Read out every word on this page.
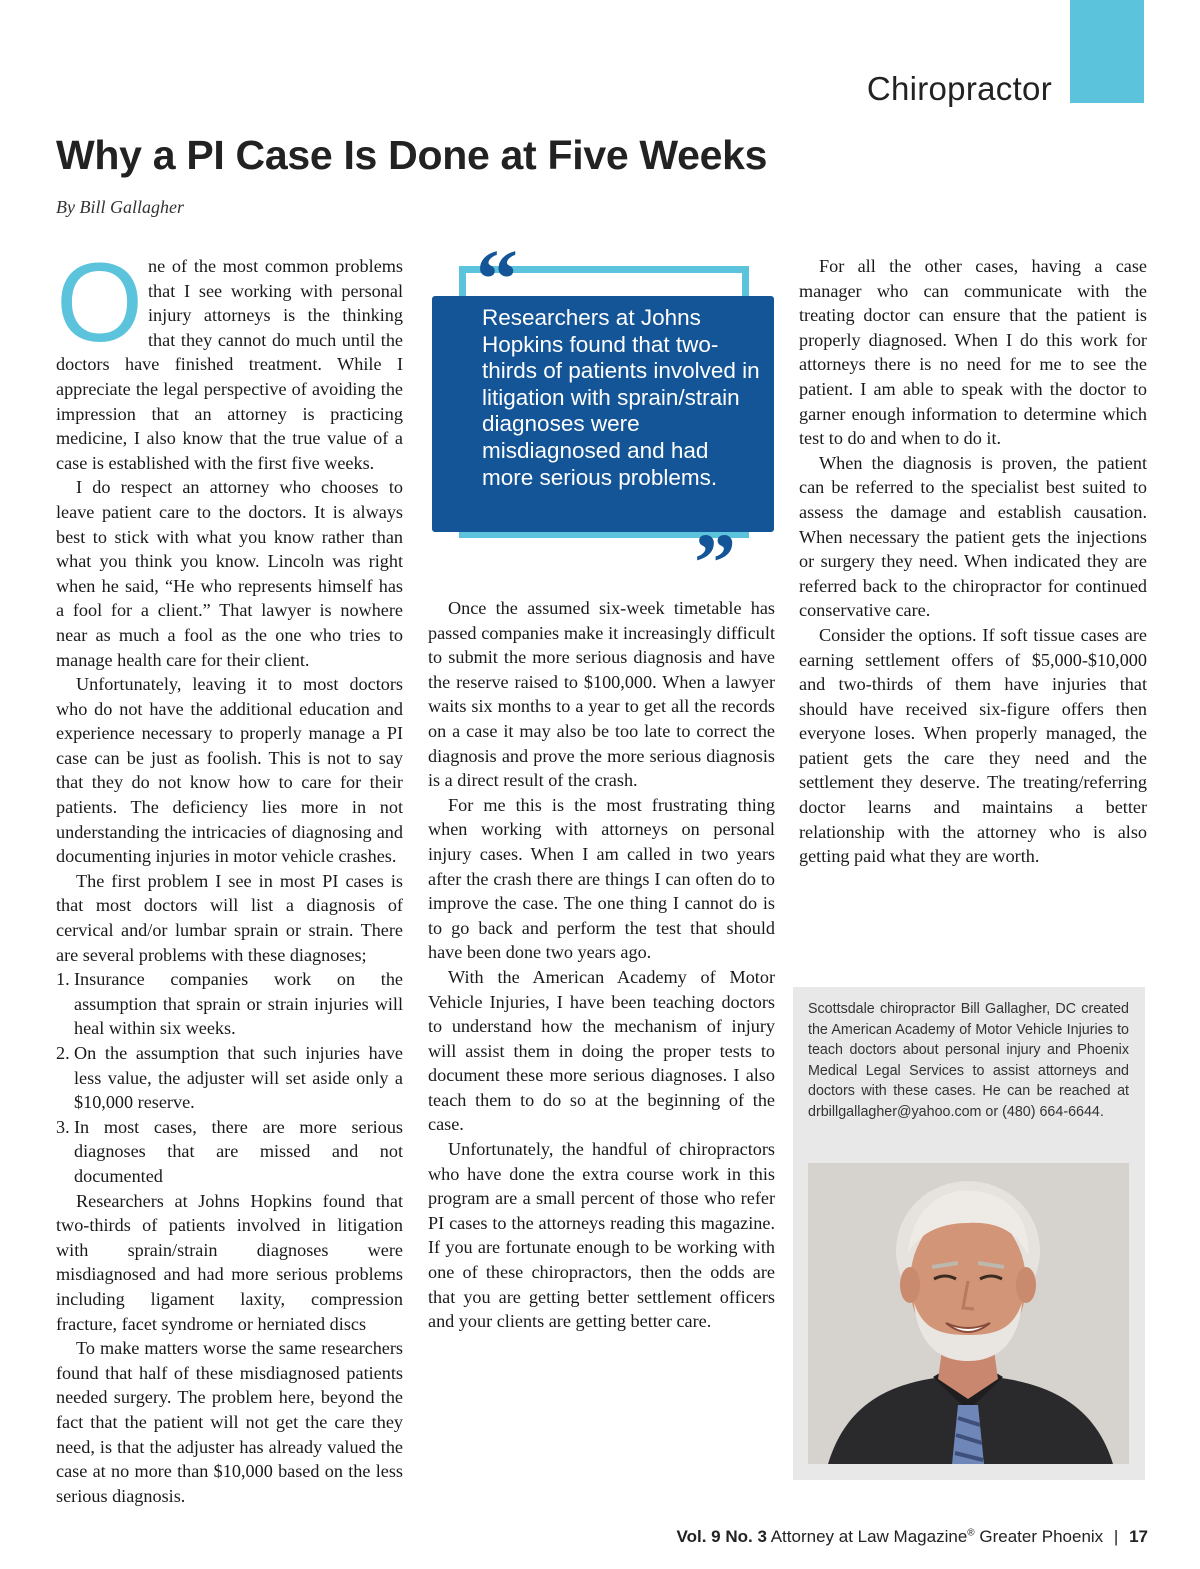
Chiropractor
Why a PI Case Is Done at Five Weeks
By Bill Gallagher

One of the most common problems that I see working with personal injury attorneys is the thinking that they cannot do much until the doctors have finished treatment. While I appreciate the legal perspective of avoiding the impression that an attorney is practicing medicine, I also know that the true value of a case is established with the first five weeks.

I do respect an attorney who chooses to leave patient care to the doctors. It is always best to stick with what you know rather than what you think you know. Lincoln was right when he said, “He who represents himself has a fool for a client.” That lawyer is nowhere near as much a fool as the one who tries to manage health care for their client.

Unfortunately, leaving it to most doctors who do not have the additional education and experience necessary to properly manage a PI case can be just as foolish. This is not to say that they do not know how to care for their patients. The deficiency lies more in not understanding the intricacies of diagnosing and documenting injuries in motor vehicle crashes.

The first problem I see in most PI cases is that most doctors will list a diagnosis of cervical and/or lumbar sprain or strain. There are several problems with these diagnoses;

1. Insurance companies work on the assumption that sprain or strain injuries will heal within six weeks.
2. On the assumption that such injuries have less value, the adjuster will set aside only a $10,000 reserve.
3. In most cases, there are more serious diagnoses that are missed and not documented

Researchers at Johns Hopkins found that two-thirds of patients involved in litigation with sprain/strain diagnoses were misdiagnosed and had more serious problems including ligament laxity, compression fracture, facet syndrome or herniated discs

To make matters worse the same researchers found that half of these misdiagnosed patients needed surgery. The problem here, beyond the fact that the patient will not get the care they need, is that the adjuster has already valued the case at no more than $10,000 based on the less serious diagnosis.

“
Researchers at Johns Hopkins found that two-thirds of patients involved in litigation with sprain/strain diagnoses were misdiagnosed and had more serious problems.
”

Once the assumed six-week timetable has passed companies make it increasingly difficult to submit the more serious diagnosis and have the reserve raised to $100,000. When a lawyer waits six months to a year to get all the records on a case it may also be too late to correct the diagnosis and prove the more serious diagnosis is a direct result of the crash.

For me this is the most frustrating thing when working with attorneys on personal injury cases. When I am called in two years after the crash there are things I can often do to improve the case. The one thing I cannot do is to go back and perform the test that should have been done two years ago.

With the American Academy of Motor Vehicle Injuries, I have been teaching doctors to understand how the mechanism of injury will assist them in doing the proper tests to document these more serious diagnoses. I also teach them to do so at the beginning of the case.

Unfortunately, the handful of chiropractors who have done the extra course work in this program are a small percent of those who refer PI cases to the attorneys reading this magazine. If you are fortunate enough to be working with one of these chiropractors, then the odds are that you are getting better settlement officers and your clients are getting better care.

For all the other cases, having a case manager who can communicate with the treating doctor can ensure that the patient is properly diagnosed. When I do this work for attorneys there is no need for me to see the patient. I am able to speak with the doctor to garner enough information to determine which test to do and when to do it.

When the diagnosis is proven, the patient can be referred to the specialist best suited to assess the damage and establish causation. When necessary the patient gets the injections or surgery they need. When indicated they are referred back to the chiropractor for continued conservative care.

Consider the options. If soft tissue cases are earning settlement offers of $5,000-$10,000 and two-thirds of them have injuries that should have received six-figure offers then everyone loses. When properly managed, the patient gets the care they need and the settlement they deserve. The treating/referring doctor learns and maintains a better relationship with the attorney who is also getting paid what they are worth.

Scottsdale chiropractor Bill Gallagher, DC created the American Academy of Motor Vehicle Injuries to teach doctors about personal injury and Phoenix Medical Legal Services to assist attorneys and doctors with these cases. He can be reached at drbillgallagher@yahoo.com or (480) 664-6644.
Vol. 9 No. 3 Attorney at Law Magazine® Greater Phoenix | 17
